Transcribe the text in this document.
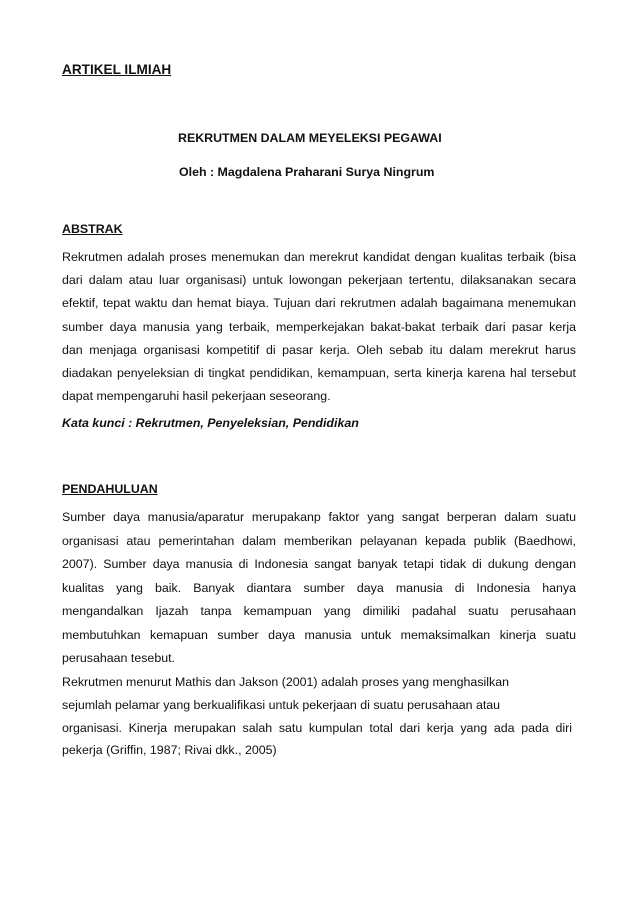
ARTIKEL ILMIAH
REKRUTMEN DALAM MEYELEKSI PEGAWAI
Oleh : Magdalena Praharani Surya Ningrum
ABSTRAK
Rekrutmen adalah proses menemukan dan merekrut kandidat dengan kualitas terbaik (bisa
dari dalam atau luar organisasi) untuk lowongan pekerjaan tertentu, dilaksanakan secara
efektif, tepat waktu dan hemat biaya. Tujuan dari rekrutmen adalah bagaimana menemukan
sumber daya manusia yang terbaik, memperkejakan bakat-bakat terbaik dari pasar kerja
dan menjaga organisasi kompetitif di pasar kerja. Oleh sebab itu dalam merekrut harus
diadakan penyeleksian di tingkat pendidikan, kemampuan, serta kinerja karena hal tersebut
dapat mempengaruhi hasil pekerjaan seseorang.
Kata kunci : Rekrutmen, Penyeleksian, Pendidikan
PENDAHULUAN
Sumber daya manusia/aparatur merupakanp faktor yang sangat berperan dalam suatu
organisasi atau pemerintahan dalam memberikan pelayanan kepada publik (Baedhowi,
2007). Sumber daya manusia di Indonesia sangat banyak tetapi tidak di dukung dengan
kualitas yang baik. Banyak diantara sumber daya manusia di Indonesia hanya
mengandalkan Ijazah tanpa kemampuan yang dimiliki padahal suatu perusahaan
membutuhkan kemapuan sumber daya manusia untuk memaksimalkan kinerja suatu
perusahaan tesebut.
Rekrutmen menurut Mathis dan Jakson (2001) adalah proses yang menghasilkan
sejumlah pelamar yang berkualifikasi untuk pekerjaan di suatu perusahaan atau
organisasi. Kinerja merupakan salah satu kumpulan total dari kerja yang ada pada diri
pekerja (Griffin, 1987; Rivai dkk., 2005)
